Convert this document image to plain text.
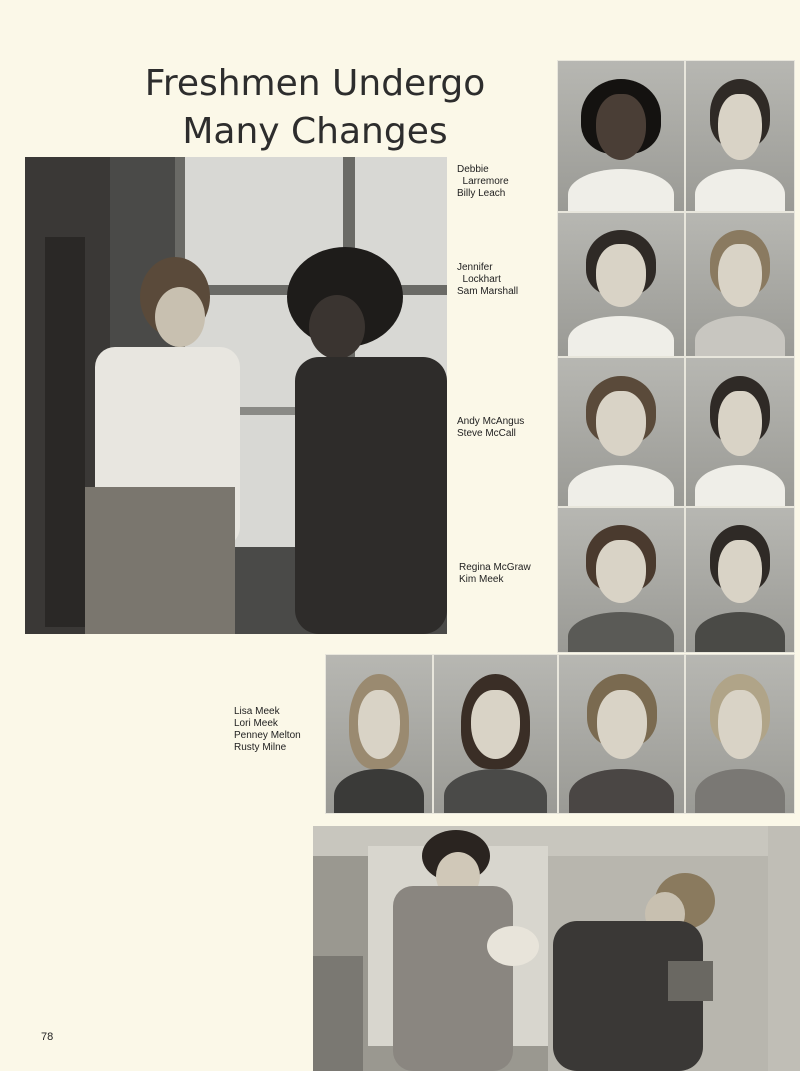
Freshmen Undergo
Many Changes
Debbie
Larremore
Billy Leach
Jennifer
Lockhart
Sam Marshall
Andy McAngus
Steve McCall
Regina McGraw
Kim Meek
Lisa Meek
Lori Meek
Penney Melton
Rusty Milne
78
